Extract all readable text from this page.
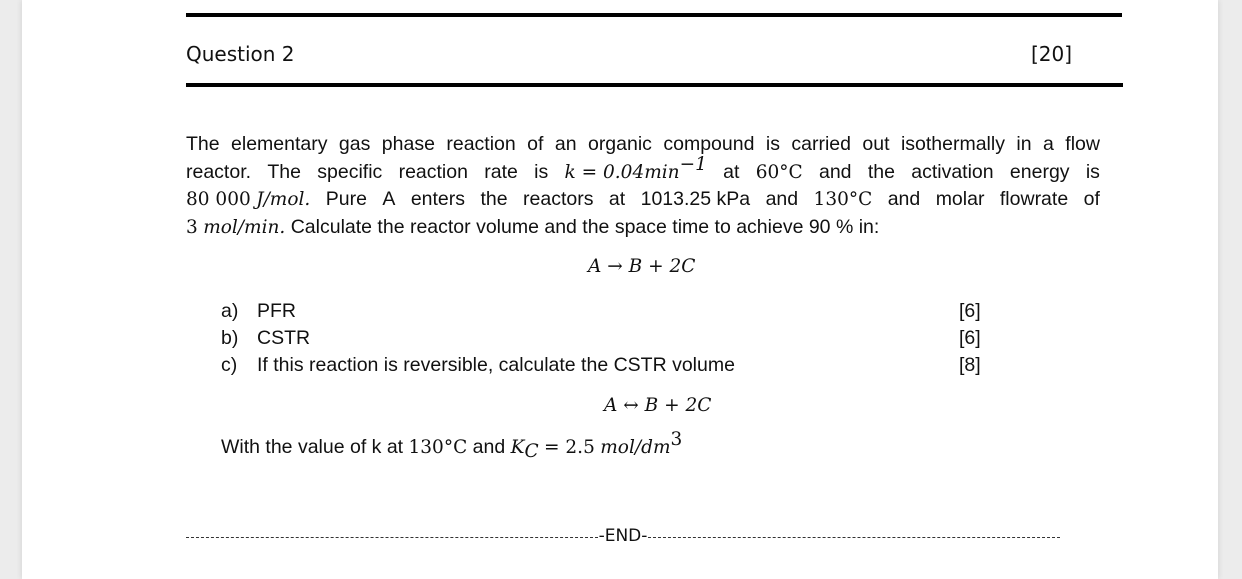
Question 2	[20]
The elementary gas phase reaction of an organic compound is carried out isothermally in a flow
reactor. The specific reaction rate is $k = 0.04\min^{-1}$ at 60°C and the activation energy is
80 000 J/mol. Pure A enters the reactors at 1013.25 kPa and 130°C and molar flowrate of
3 mol/min.
Calculate the reactor volume and the space time to achieve 90 % in:
A → B + 2C
a) PFR
b) CSTR
c)	If this reaction is reversible, calculate the CSTR volume
[6]
[6]
[8]
A ↔ B + 2C
With the value of k at 130°C and $K_C = 2.5$ mol/$dm^3$
-END-
